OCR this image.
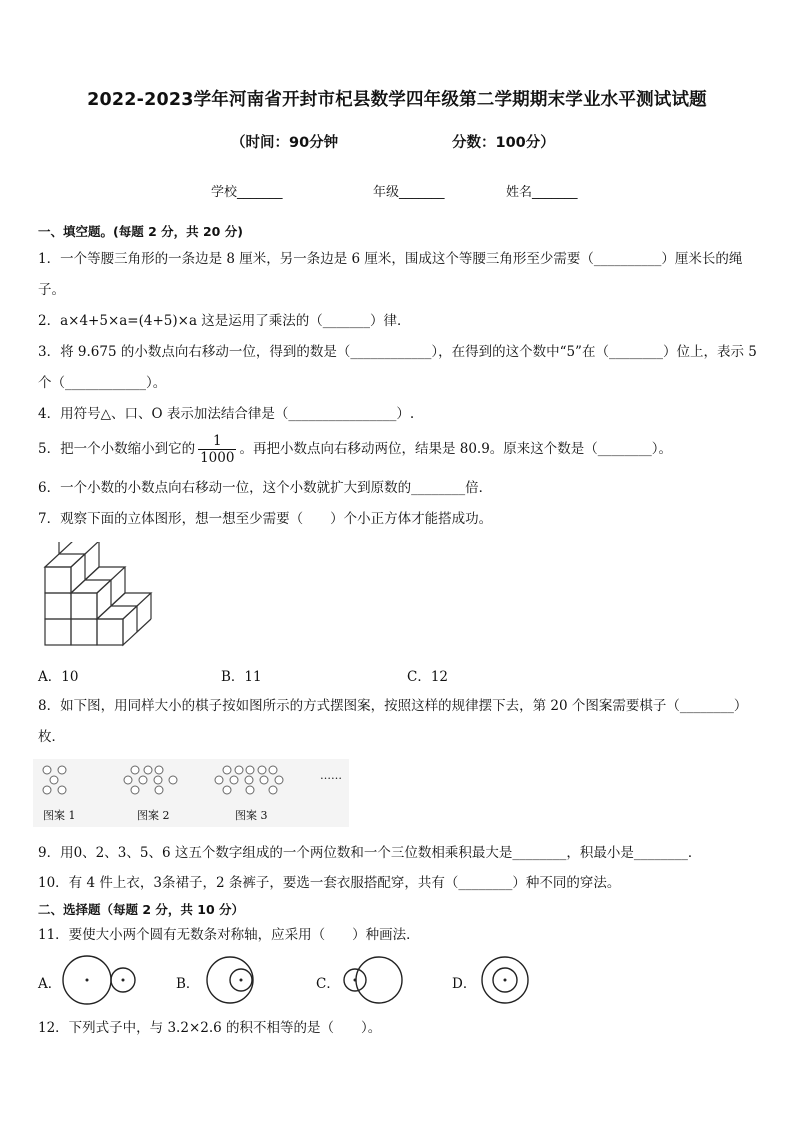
2022-2023学年河南省开封市杞县数学四年级第二学期期末学业水平测试试题
（时间：90分钟	分数：100分）
学校_______	年级_______	姓名_______
一、填空题。(每题 2 分，共 20 分)
1．一个等腰三角形的一条边是 8 厘米，另一条边是 6 厘米，围成这个等腰三角形至少需要（__________）厘米长的绳
子。
2．a×4+5×a=(4+5)×a 这是运用了乘法的（_______）律．
3．将 9.675 的小数点向右移动一位，得到的数是（____________），在得到的这个数中“5”在（________）位上，表示 5
个（____________）。
4．用符号△、口、O 表示加法结合律是（________________）.
5．把一个小数缩小到它的 $\frac{1}{1000}$ 。再把小数点向右移动两位，结果是 80.9。原来这个数是（________）。
6．一个小数的小数点向右移动一位，这个小数就扩大到原数的________倍．
7．观察下面的立体图形，想一想至少需要（　　）个小正方体才能搭成功。
A．10	B．11	C．12
8．如下图，用同样大小的棋子按如图所示的方式摆图案，按照这样的规律摆下去，第 20 个图案需要棋子（________）
枚．
图案 1	图案 2	图案 3
……
9．用0、2、3、5、6 这五个数字组成的一个两位数和一个三位数相乘积最大是________，积最小是________．
10．有 4 件上衣，3条裙子，2 条裤子，要选一套衣服搭配穿，共有（________）种不同的穿法。
二、选择题（每题 2 分，共 10 分）
11．要使大小两个圆有无数条对称轴，应采用（　　）种画法．
A．	B．	C．	D．
12．下列式子中，与 3.2×2.6 的积不相等的是（　　）。
